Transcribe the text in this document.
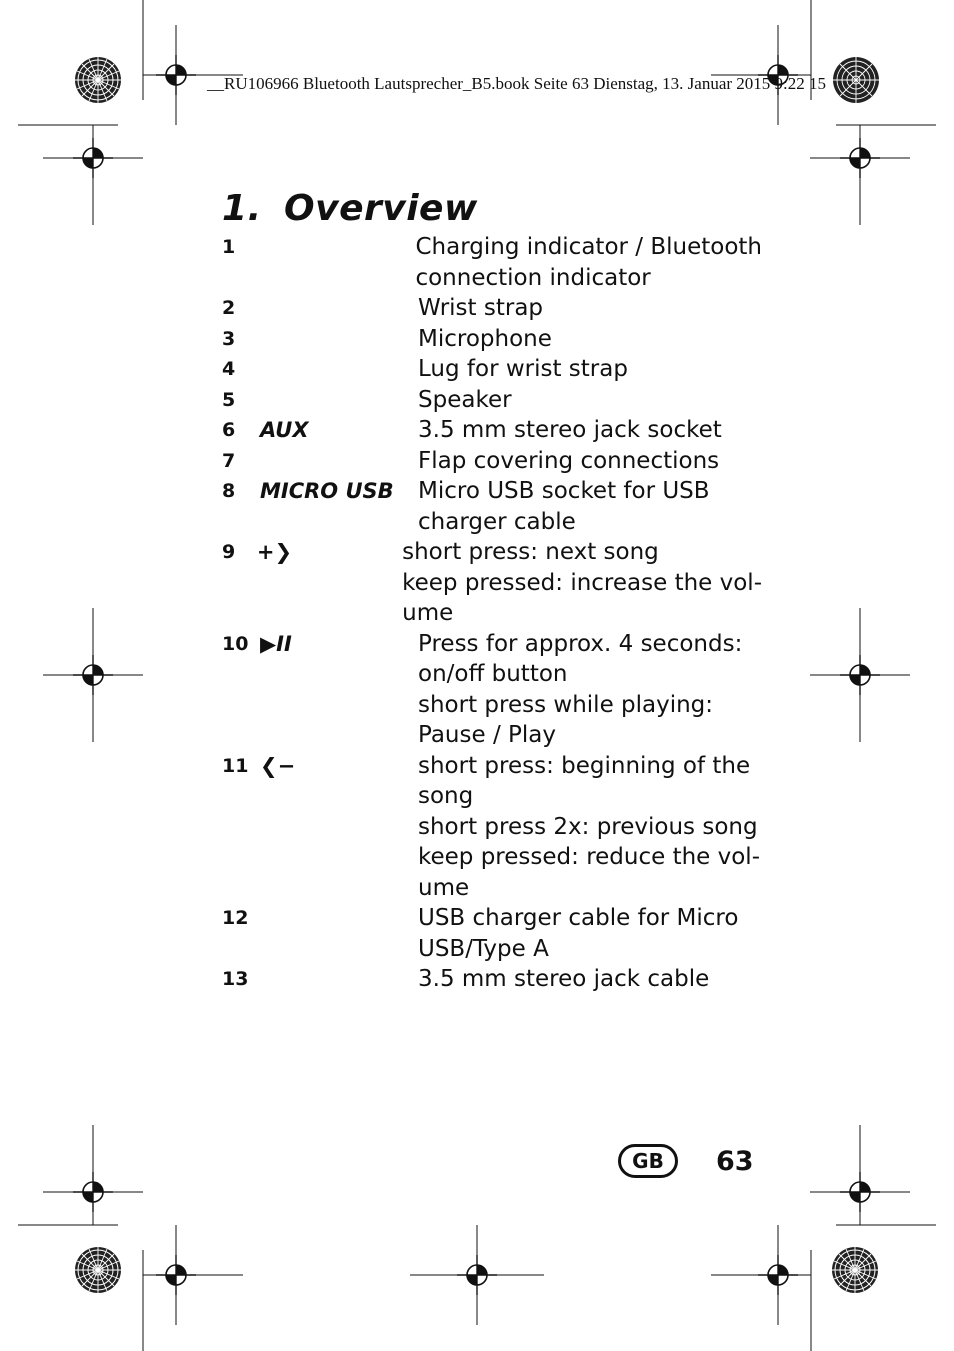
__RU106966 Bluetooth Lautsprecher_B5.book Seite 63 Dienstag, 13. Januar 2015 9:22 15
1. Overview
1	Charging indicator / Bluetooth
connection indicator
2	Wrist strap
3	Microphone
4	Lug for wrist strap
5	Speaker
6	AUX	3.5 mm stereo jack socket
7	Flap covering connections
8	MICRO USB	Micro USB socket for USB
charger cable
9	+❯	short press: next song
keep pressed: increase the vol-
ume
10 ▶II	Press for approx. 4 seconds:
on/off button
short press while playing:
Pause / Play
11 ❮−	short press: beginning of the
song
short press 2x: previous song
keep pressed: reduce the vol-
ume
12	USB charger cable for Micro
USB/Type A
13	3.5 mm stereo jack cable
GB	63
